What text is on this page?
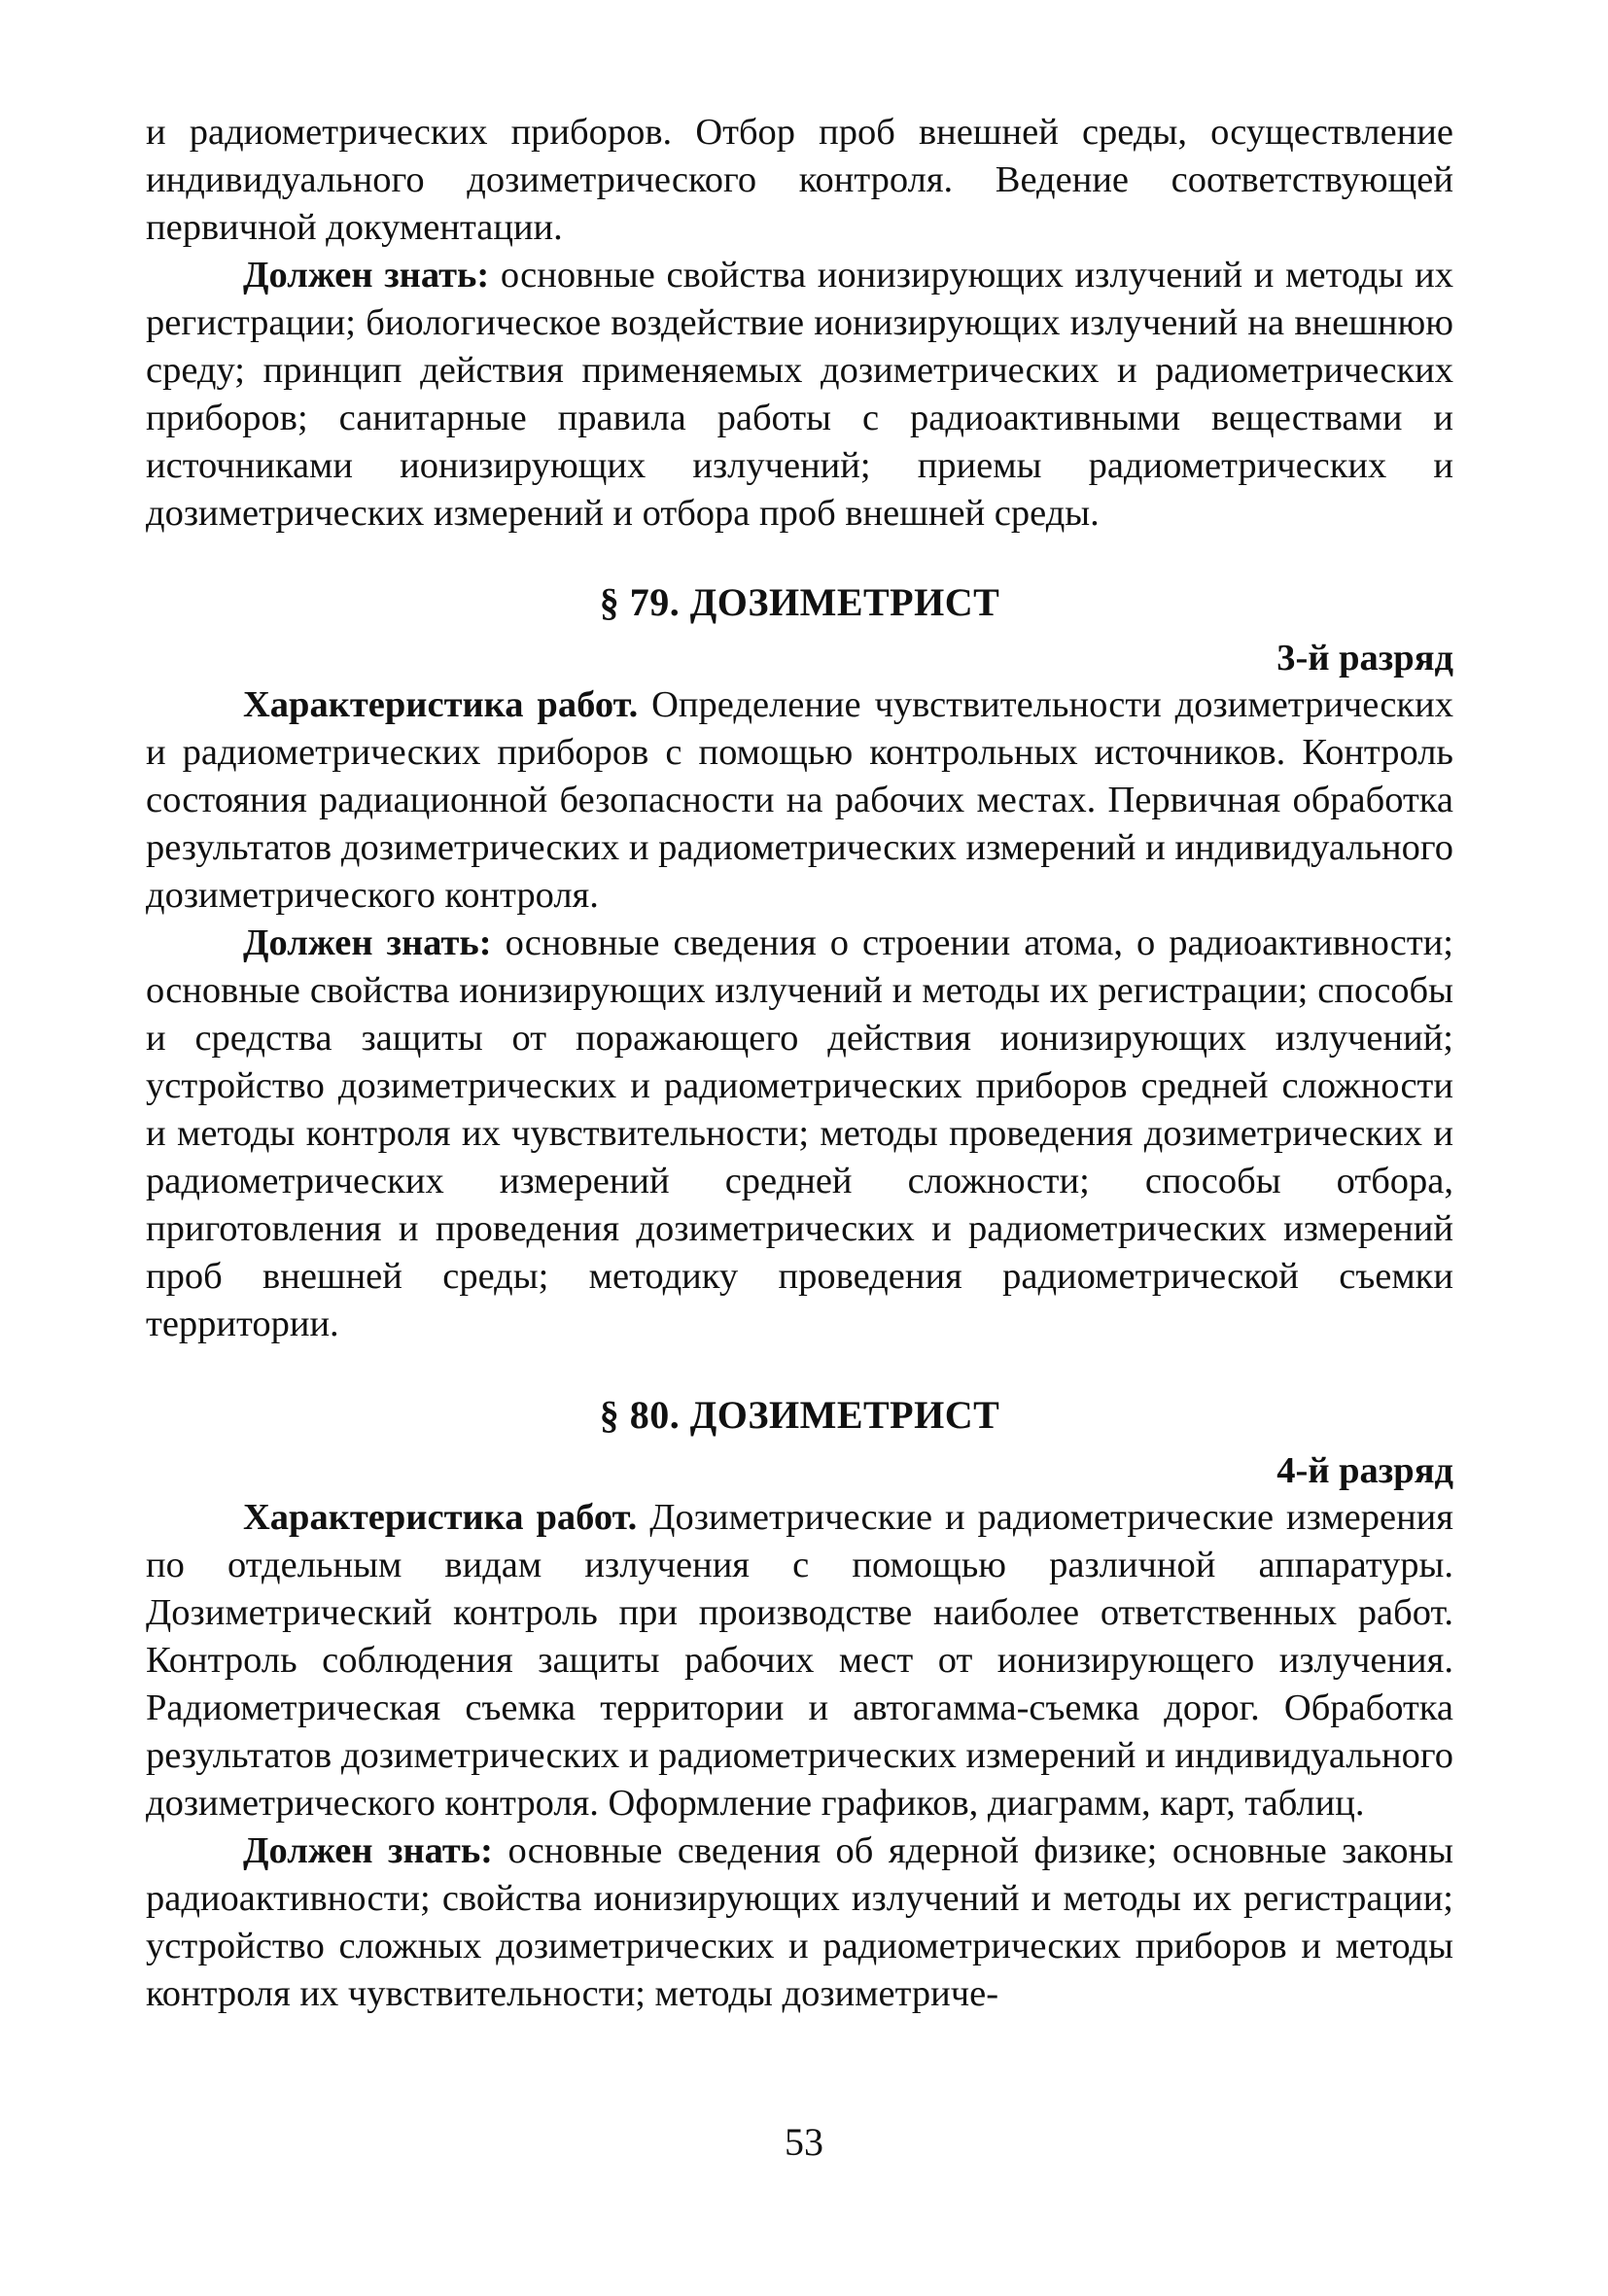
и радиометрических приборов. Отбор проб внешней среды, осуществление индивидуального дозиметрического контроля. Ведение соответствующей первичной документации.

Должен знать: основные свойства ионизирующих излучений и методы их регистрации; биологическое воздействие ионизирующих излучений на внешнюю среду; принцип действия применяемых дозиметрических и радиометрических приборов; санитарные правила работы с радиоактивными веществами и источниками ионизирующих излучений; приемы радиометрических и дозиметрических измерений и отбора проб внешней среды.

§ 79. ДОЗИМЕТРИСТ
3-й разряд

Характеристика работ. Определение чувствительности дозиметрических и радиометрических приборов с помощью контрольных источников. Контроль состояния радиационной безопасности на рабочих местах. Первичная обработка результатов дозиметрических и радиометрических измерений и индивидуального дозиметрического контроля.

Должен знать: основные сведения о строении атома, о радиоактивности; основные свойства ионизирующих излучений и методы их регистрации; способы и средства защиты от поражающего действия ионизирующих излучений; устройство дозиметрических и радиометрических приборов средней сложности и методы контроля их чувствительности; методы проведения дозиметрических и радиометрических измерений средней сложности; способы отбора, приготовления и проведения дозиметрических и радиометрических измерений проб внешней среды; методику проведения радиометрической съемки территории.

§ 80. ДОЗИМЕТРИСТ
4-й разряд

Характеристика работ. Дозиметрические и радиометрические измерения по отдельным видам излучения с помощью различной аппаратуры. Дозиметрический контроль при производстве наиболее ответственных работ. Контроль соблюдения защиты рабочих мест от ионизирующего излучения. Радиометрическая съемка территории и автогамма-съемка дорог. Обработка результатов дозиметрических и радиометрических измерений и индивидуального дозиметрического контроля. Оформление графиков, диаграмм, карт, таблиц.

Должен знать: основные сведения об ядерной физике; основные законы радиоактивности; свойства ионизирующих излучений и методы их регистрации; устройство сложных дозиметрических и радиометрических приборов и методы контроля их чувствительности; методы дозиметриче-

53
